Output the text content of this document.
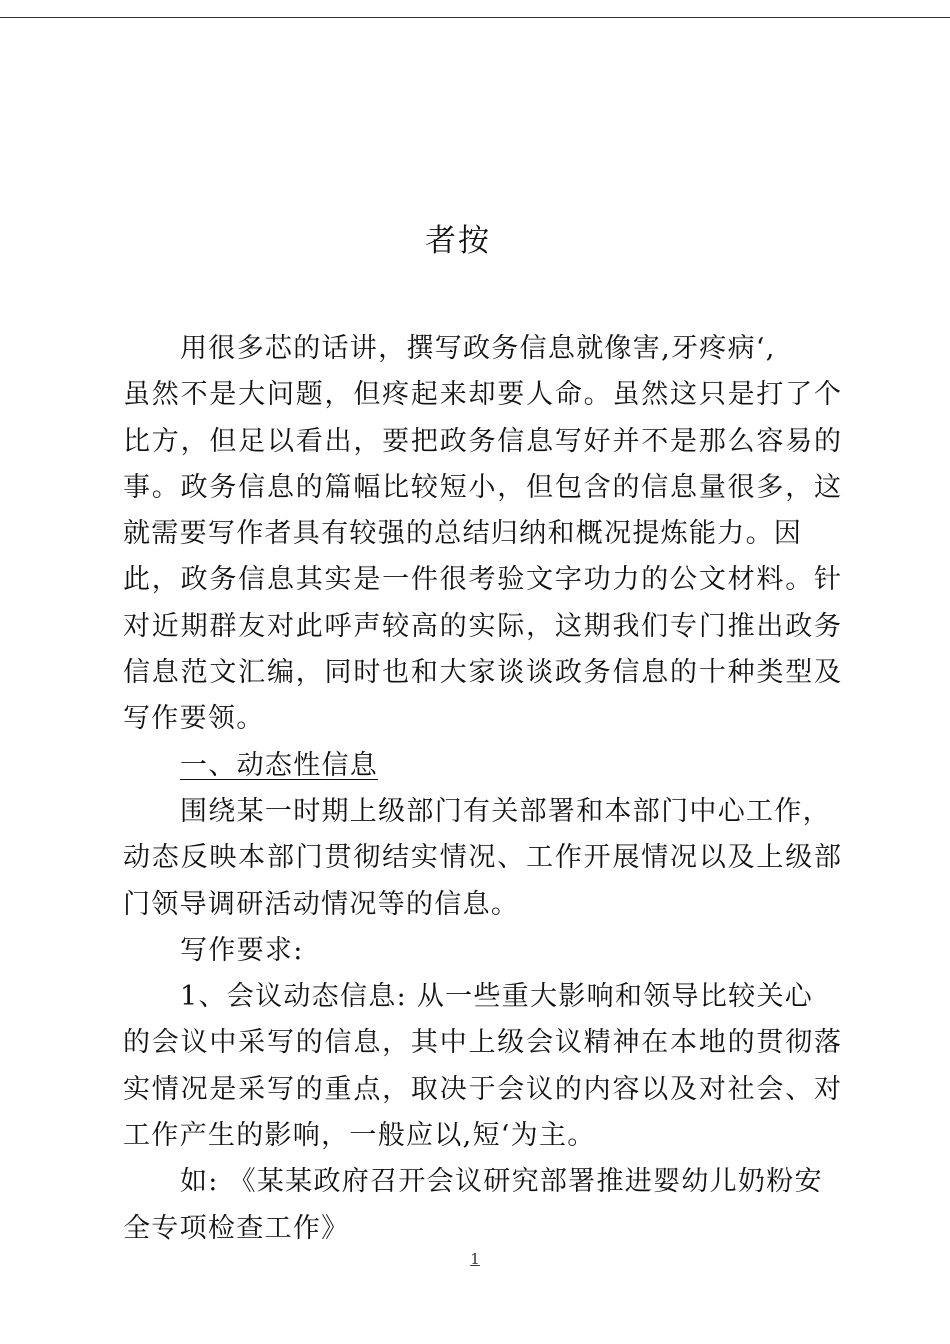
者按
用很多芯的话讲，撰写政务信息就像害,牙疼病‘,
虽然不是大问题，但疼起来却要人命。虽然这只是打了个
比方，但足以看出，要把政务信息写好并不是那么容易的
事。政务信息的篇幅比较短小，但包含的信息量很多，这
就需要写作者具有较强的总结归纳和概况提炼能力。因
此，政务信息其实是一件很考验文字功力的公文材料。针
对近期群友对此呼声较高的实际，这期我们专门推出政务
信息范文汇编，同时也和大家谈谈政务信息的十种类型及
写作要领。
一、动态性信息
围绕某一时期上级部门有关部署和本部门中心工作，
动态反映本部门贯彻结实情况、工作开展情况以及上级部
门领导调研活动情况等的信息。
写作要求:
1、会议动态信息: 从一些重大影响和领导比较关心
的会议中采写的信息，其中上级会议精神在本地的贯彻落
实情况是采写的重点，取决于会议的内容以及对社会、对
工作产生的影响，一般应以,短‘为主。
如: 《某某政府召开会议研究部署推进婴幼儿奶粉安
全专项检查工作》
1
